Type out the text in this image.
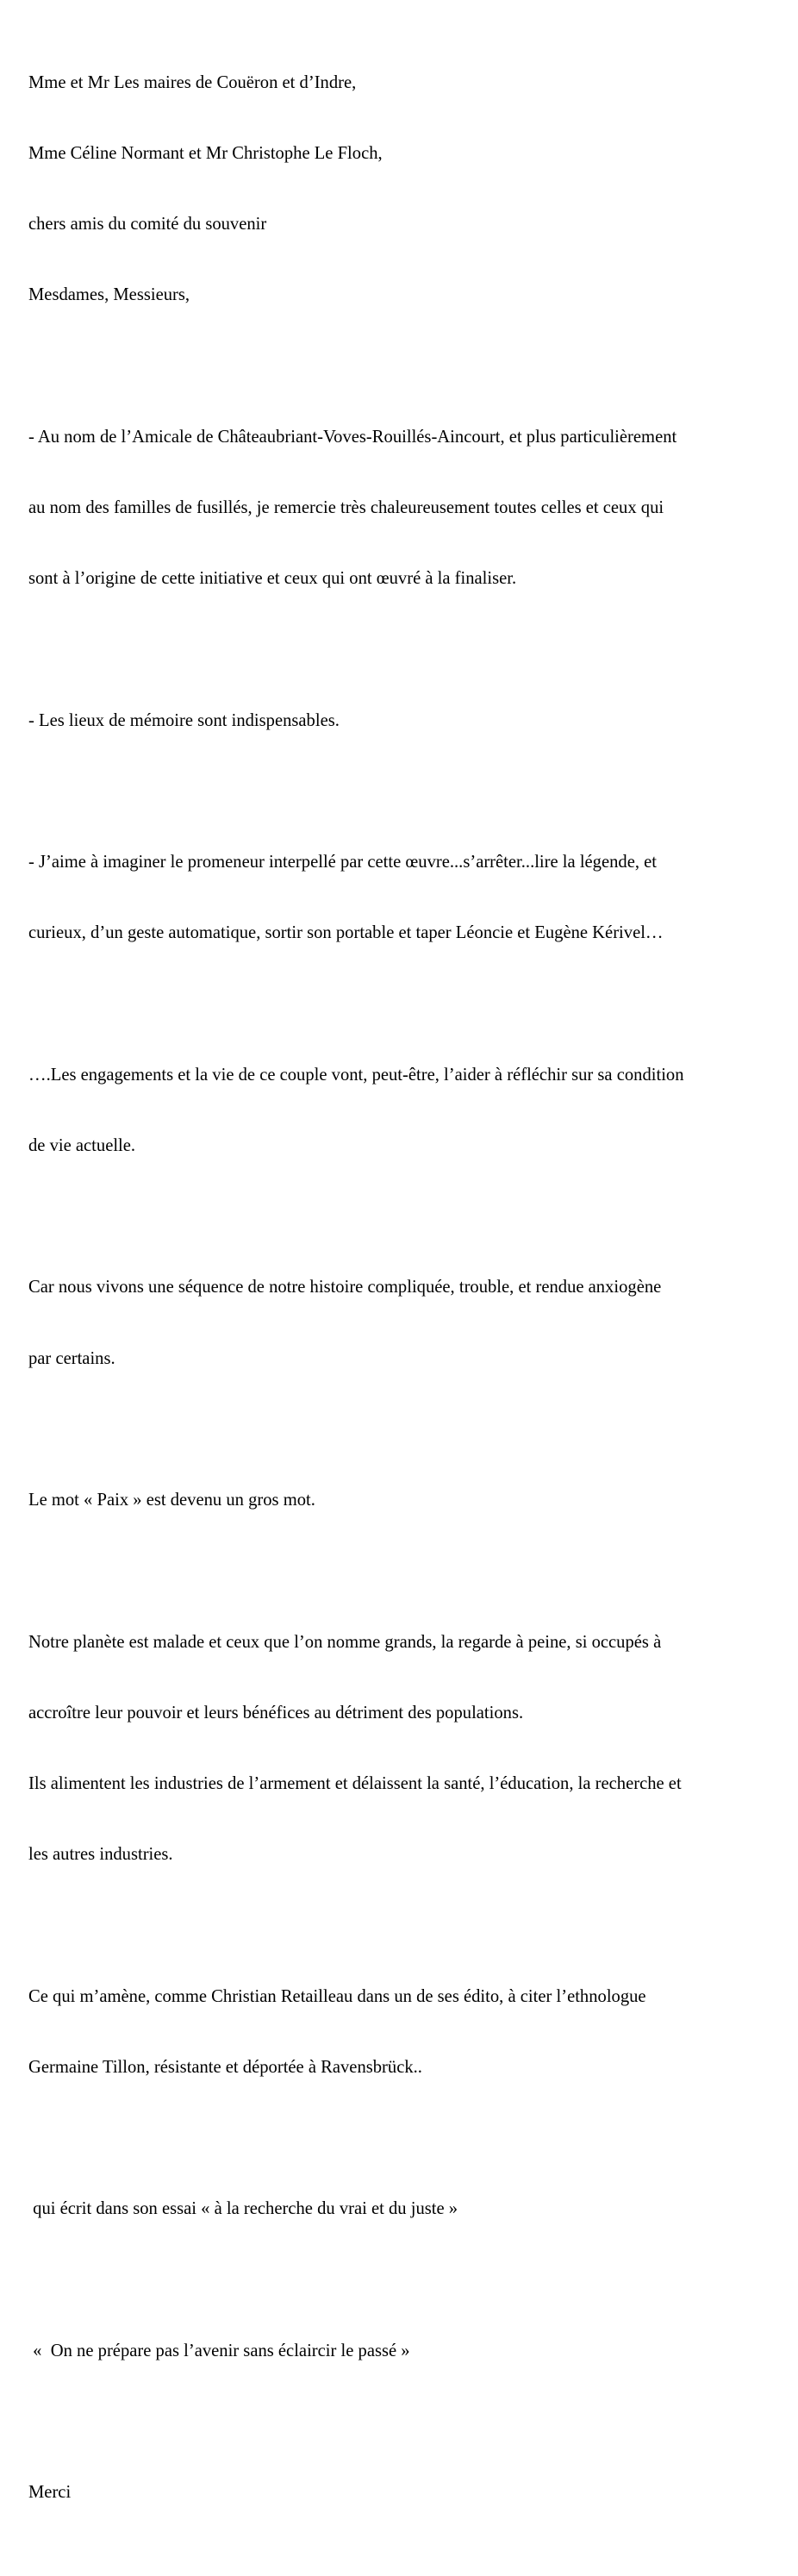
Mme et Mr Les maires de Couëron et d’Indre,

Mme Céline Normant et Mr Christophe Le Floch,

chers amis du comité du souvenir

Mesdames, Messieurs,

- Au nom de l’Amicale de Châteaubriant-Voves-Rouillés-Aincourt, et plus particulièrement

au nom des familles de fusillés, je remercie très chaleureusement toutes celles et ceux qui

sont à l’origine de cette initiative et ceux qui ont œuvré à la finaliser.

- Les lieux de mémoire sont indispensables.

- J’aime à imaginer le promeneur interpellé par cette œuvre...s’arrêter...lire la légende, et

curieux, d’un geste automatique, sortir son portable et taper Léoncie et Eugène Kérivel…

….Les engagements et la vie de ce couple vont, peut-être, l’aider à réfléchir sur sa condition

de vie actuelle.

Car nous vivons une séquence de notre histoire compliquée, trouble, et rendue anxiogène

par certains.

Le mot « Paix » est devenu un gros mot.

Notre planète est malade et ceux que l’on nomme grands, la regarde à peine, si occupés à

accroître leur pouvoir et leurs bénéfices au détriment des populations.

Ils alimentent les industries de l’armement et délaissent la santé, l’éducation, la recherche et

les autres industries.

Ce qui m’amène, comme Christian Retailleau dans un de ses édito, à citer l’ethnologue

Germaine Tillon, résistante et déportée à Ravensbrück..

qui écrit dans son essai « à la recherche du vrai et du juste »

«  On ne prépare pas l’avenir sans éclaircir le passé »

Merci
